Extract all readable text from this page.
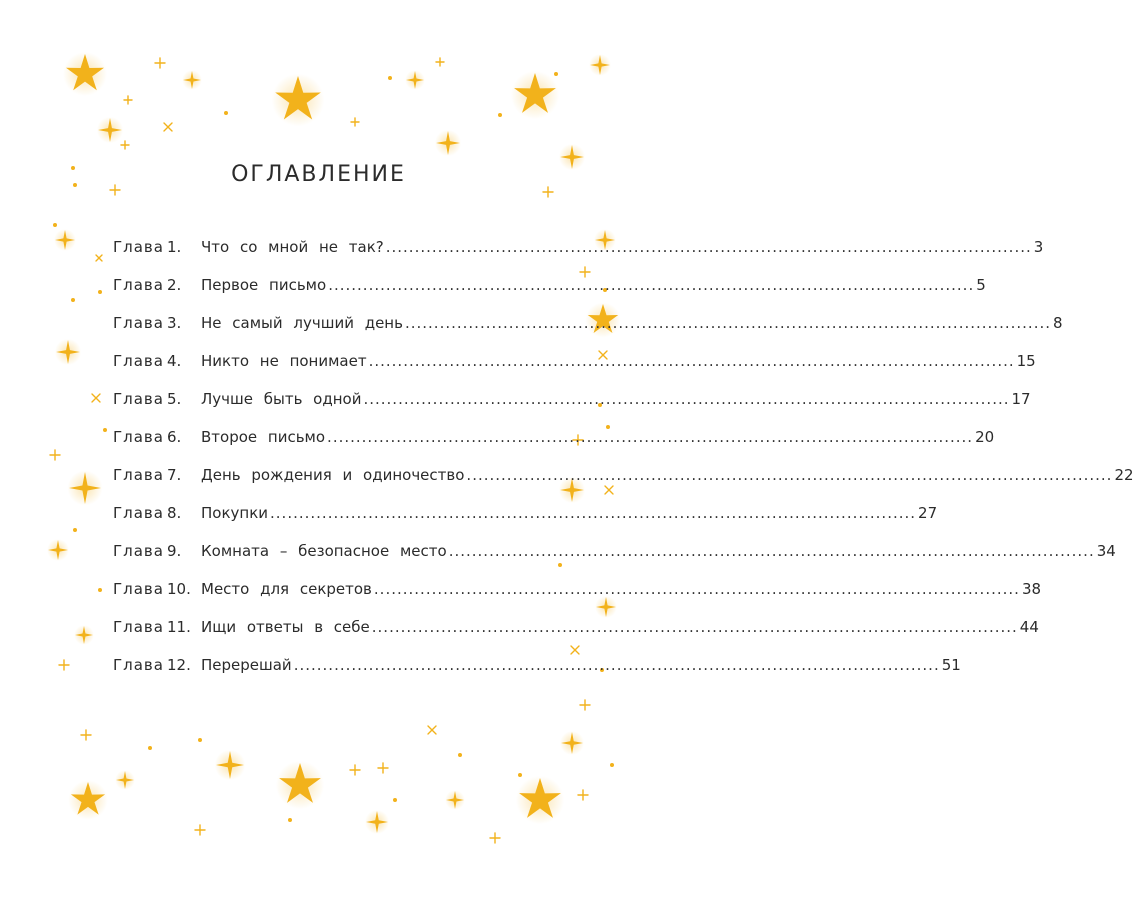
ОГЛАВЛЕНИЕ
Глава 1.	Что со мной не так? ................................................................................................................ 3
Глава 2.	Первое письмо ................................................................................................................ 5
Глава 3.	Не самый лучший день ................................................................................................................ 8
Глава 4.	Никто не понимает ................................................................................................................ 15
Глава 5.	Лучше быть одной ................................................................................................................ 17
Глава 6.	Второе письмо ................................................................................................................ 20
Глава 7.	День рождения и одиночество ................................................................................................................ 22
Глава 8.	Покупки ................................................................................................................ 27
Глава 9.	Комната – безопасное место ................................................................................................................ 34
Глава 10. Место для секретов ................................................................................................................ 38
Глава 11. Ищи ответы в себе ................................................................................................................ 44
Глава 12. Перерешай ................................................................................................................ 51
